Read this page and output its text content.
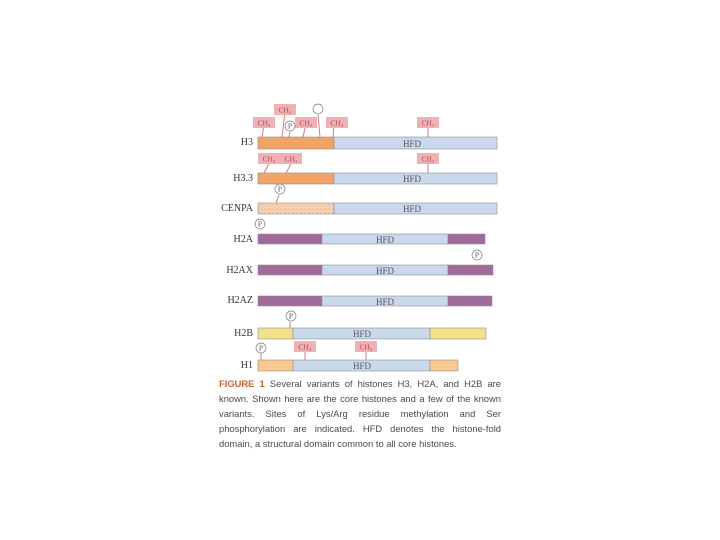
H3
H3.3
CENPA
H2A
H2AX
H2AZ
H2B
H1
HFD
CH₃
CH₃	CH₃ CH₃	CH₃
P
HFD
CH₃ CH₃	CH₃
HFD
P
P
HFD
P
HFD
HFD
P
HFD
P	CH₃	CH₃
HFD
FIGURE 1 Several variants of histones H3, H2A, and H2B are known. Shown here are the core histones and a few of the known variants. Sites of Lys/Arg residue methylation and Ser phosphorylation are indicated. HFD denotes the histone-fold domain, a structural domain common to all core histones.
